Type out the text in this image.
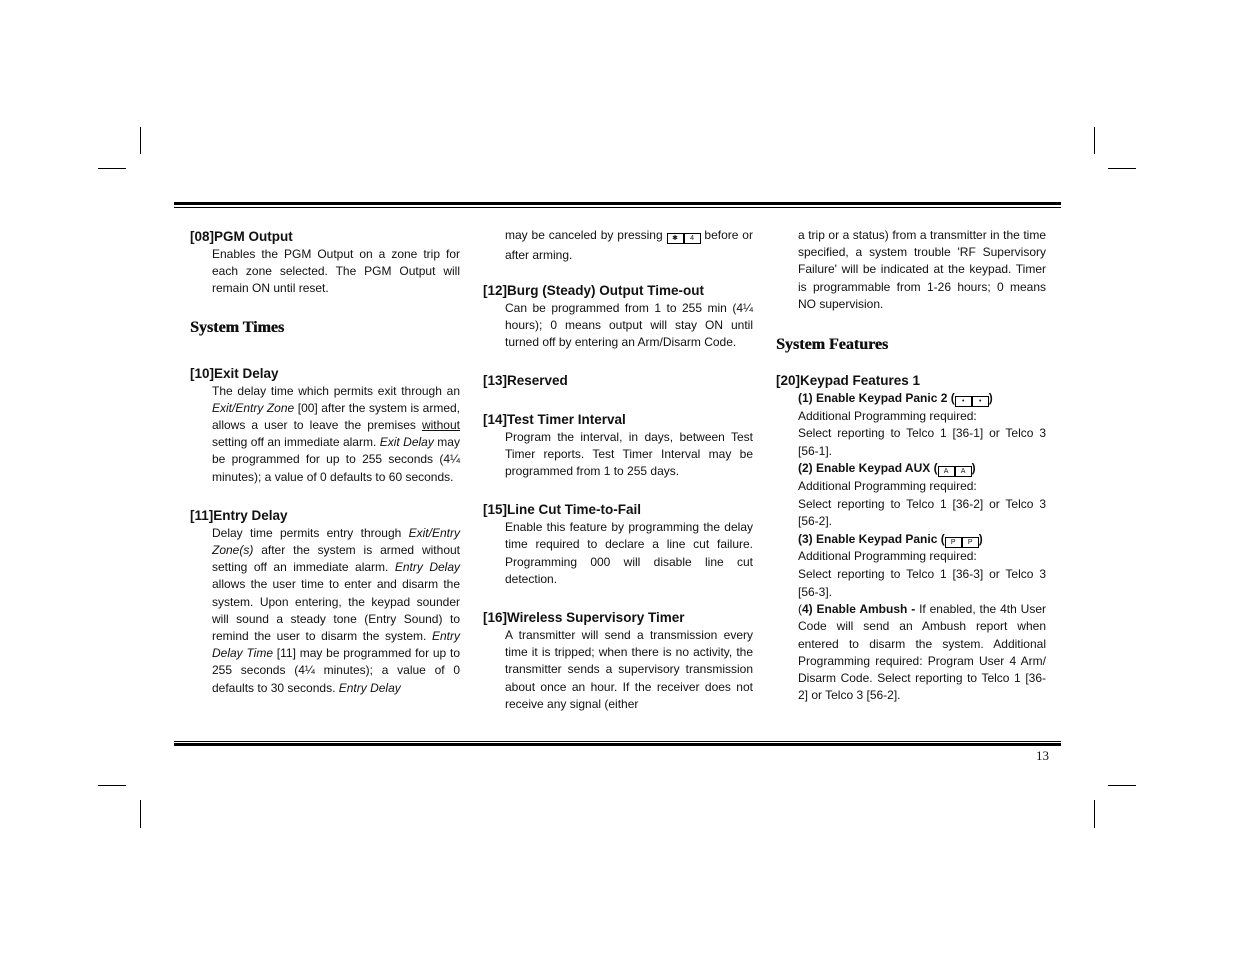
[08]PGM Output

Enables the PGM Output on a zone trip for each zone selected. The PGM Output will remain ON until reset.

System Times

[10]Exit Delay

The delay time which permits exit through an Exit/Entry Zone [00] after the system is armed, allows a user to leave the premises without setting off an immediate alarm. Exit Delay may be programmed for up to 255 seconds (4¼ minutes); a value of 0 defaults to 60 seconds.

[11]Entry Delay

Delay time permits entry through Exit/Entry Zone(s) after the system is armed without setting off an immediate alarm. Entry Delay allows the user time to enter and disarm the system. Upon entering, the keypad sounder will sound a steady tone (Entry Sound) to remind the user to disarm the system. Entry Delay Time [11] may be programmed for up to 255 seconds (4¼ minutes); a value of 0 defaults to 30 seconds. Entry Delay

may be canceled by pressing ✱ 4 before or after arming.

[12]Burg (Steady) Output Time-out

Can be programmed from 1 to 255 min (4¼ hours); 0 means output will stay ON until turned off by entering an Arm/Disarm Code.

[13]Reserved

[14]Test Timer Interval

Program the interval, in days, between Test Timer reports. Test Timer Interval may be programmed from 1 to 255 days.

[15]Line Cut Time-to-Fail

Enable this feature by programming the delay time required to declare a line cut failure. Programming 000 will disable line cut detection.

[16]Wireless Supervisory Timer

A transmitter will send a transmission every time it is tripped; when there is no activity, the transmitter sends a supervisory transmission about once an hour. If the receiver does not receive any signal (either

a trip or a status) from a transmitter in the time specified, a system trouble 'RF Supervisory Failure' will be indicated at the keypad. Timer is programmable from 1-26 hours; 0 means NO supervision.

System Features

[20]Keypad Features 1

(1) Enable Keypad Panic 2 ( • • )

Additional Programming required:

Select reporting to Telco 1 [36-1] or Telco 3 [56-1].

(2) Enable Keypad AUX ( A A )

Additional Programming required:

Select reporting to Telco 1 [36-2] or Telco 3 [56-2].

(3) Enable Keypad Panic ( P P )

Additional Programming required:

Select reporting to Telco 1 [36-3] or Telco 3 [56-3].

(4) Enable Ambush - If enabled, the 4th User Code will send an Ambush report when entered to disarm the system. Additional Programming required: Program User 4 Arm/ Disarm Code. Select reporting to Telco 1 [36-2] or Telco 3 [56-2].

13
